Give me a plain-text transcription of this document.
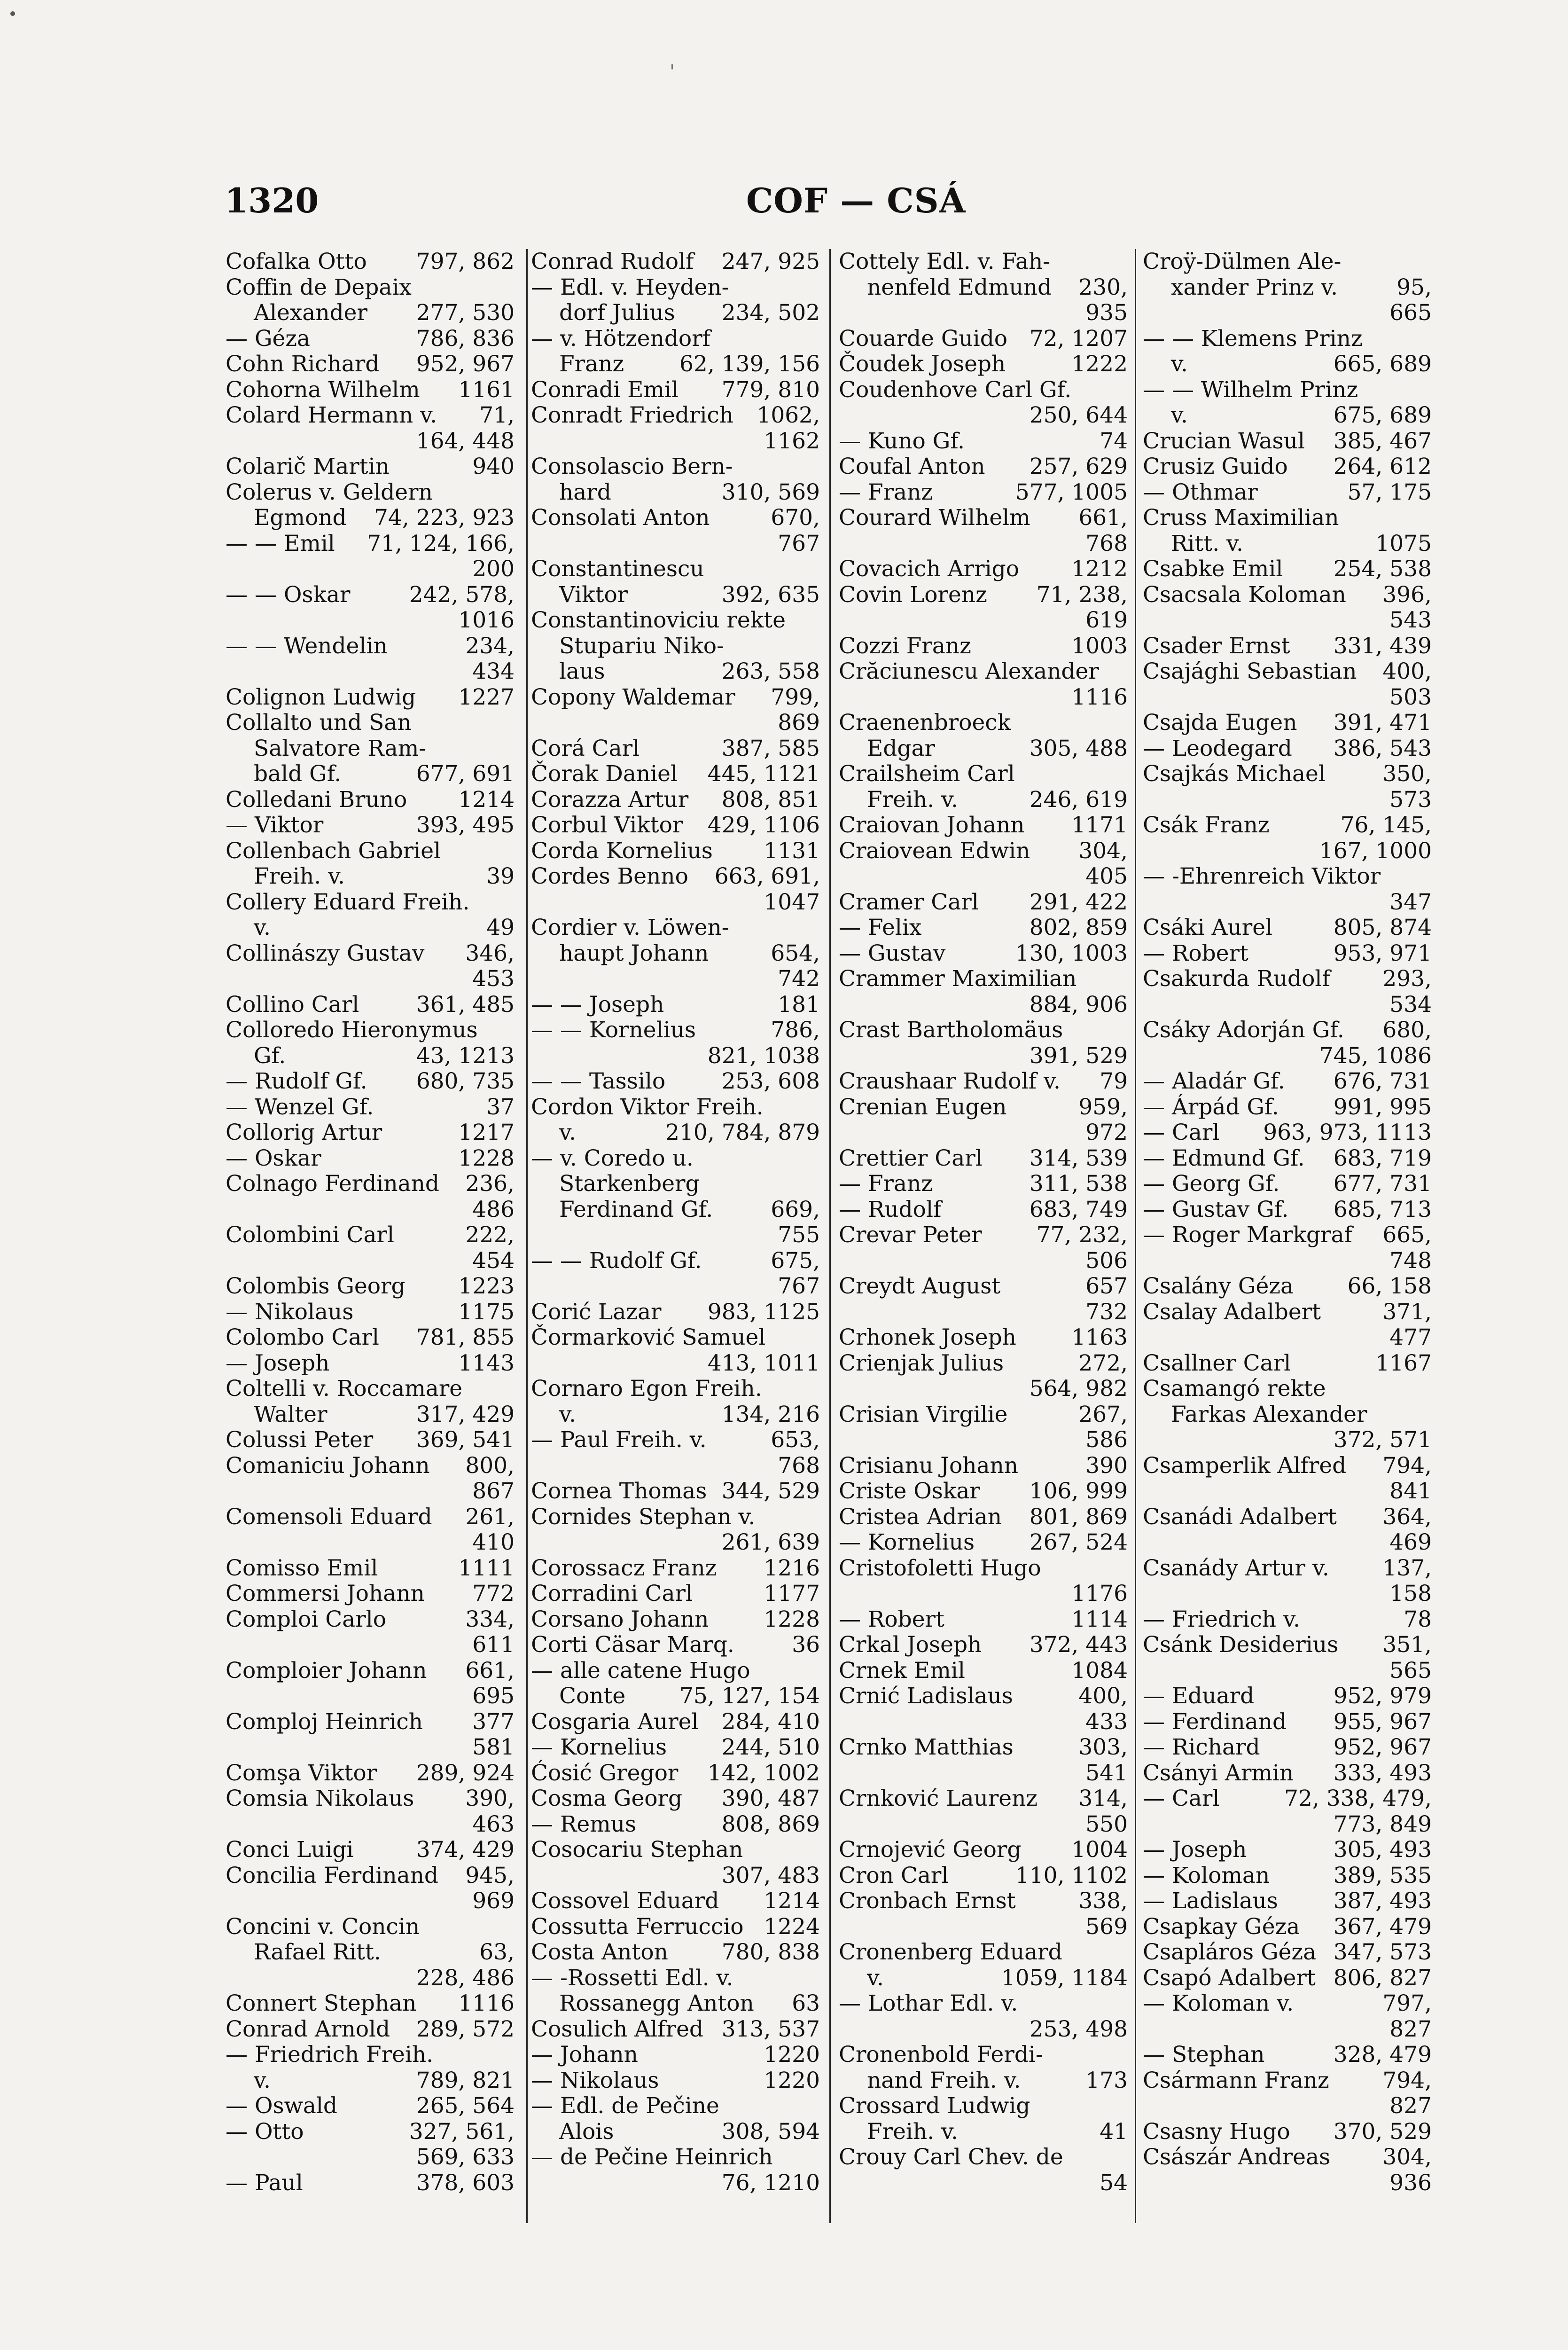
1320	COF — CSÁ
'
797, 862
Cofalka Otto
Coffin de Depaix
277, 530
Alexander
786, 836
— Géza
952, 967
Cohn Richard
1161
Cohorna Wilhelm
71,
Colard Hermann v.
164, 448
940
Colarič Martin
Colerus v. Geldern
74, 223, 923
Egmond
71, 124, 166,
— — Emil
200
242, 578,
— — Oskar
1016
234,
— — Wendelin
434
1227
Colignon Ludwig
Collalto und San
Salvatore Ram-
677, 691
bald Gf.
1214
Colledani Bruno
393, 495
— Viktor
Collenbach Gabriel
39
Freih. v.
Collery Eduard Freih.
49
v.
346,
Collinászy Gustav
453
361, 485
Collino Carl
Colloredo Hieronymus
43, 1213
Gf.
680, 735
— Rudolf Gf.
37
— Wenzel Gf.
1217
Collorig Artur
1228
— Oskar
236,
Colnago Ferdinand
486
222,
Colombini Carl
454
1223
Colombis Georg
1175
— Nikolaus
781, 855
Colombo Carl
1143
— Joseph
Coltelli v. Roccamare
317, 429
Walter
369, 541
Colussi Peter
800,
Comaniciu Johann
867
261,
Comensoli Eduard
410
1111
Comisso Emil
772
Commersi Johann
334,
Comploi Carlo
611
661,
Comploier Johann
695
377
Comploj Heinrich
581
289, 924
Comşa Viktor
390,
Comsia Nikolaus
463
374, 429
Conci Luigi
945,
Concilia Ferdinand
969
Concini v. Concin
63,
Rafael Ritt.
228, 486
1116
Connert Stephan
289, 572
Conrad Arnold
— Friedrich Freih.
789, 821
v.
265, 564
— Oswald
327, 561,
— Otto
569, 633
378, 603
— Paul
247, 925
Conrad Rudolf
— Edl. v. Heyden-
234, 502
dorf Julius
— v. Hötzendorf
62, 139, 156
Franz
779, 810
Conradi Emil
1062,
Conradt Friedrich
1162
Consolascio Bern-
310, 569
hard
670,
Consolati Anton
767
Constantinescu
392, 635
Viktor
Constantinoviciu rekte
Stupariu Niko-
263, 558
laus
799,
Copony Waldemar
869
387, 585
Corá Carl
445, 1121
Čorak Daniel
808, 851
Corazza Artur
429, 1106
Corbul Viktor
1131
Corda Kornelius
663, 691,
Cordes Benno
1047
Cordier v. Löwen-
654,
haupt Johann
742
181
— — Joseph
786,
— — Kornelius
821, 1038
253, 608
— — Tassilo
Cordon Viktor Freih.
210, 784, 879
v.
— v. Coredo u.
Starkenberg
669,
Ferdinand Gf.
755
675,
— — Rudolf Gf.
767
983, 1125
Corić Lazar
Čormarković Samuel
413, 1011
Cornaro Egon Freih.
134, 216
v.
653,
— Paul Freih. v.
768
344, 529
Cornea Thomas
Cornides Stephan v.
261, 639
1216
Corossacz Franz
1177
Corradini Carl
1228
Corsano Johann
36
Corti Cäsar Marq.
— alle catene Hugo
75, 127, 154
Conte
284, 410
Cosgaria Aurel
244, 510
— Kornelius
142, 1002
Ćosić Gregor
390, 487
Cosma Georg
808, 869
— Remus
Cosocariu Stephan
307, 483
1214
Cossovel Eduard
1224
Cossutta Ferruccio
780, 838
Costa Anton
— -Rossetti Edl. v.
63
Rossanegg Anton
313, 537
Cosulich Alfred
1220
— Johann
1220
— Nikolaus
— Edl. de Pečine
308, 594
Alois
— de Pečine Heinrich
76, 1210
Cottely Edl. v. Fah-
230,
nenfeld Edmund
935
72, 1207
Couarde Guido
1222
Čoudek Joseph
Coudenhove Carl Gf.
250, 644
74
— Kuno Gf.
257, 629
Coufal Anton
577, 1005
— Franz
661,
Courard Wilhelm
768
1212
Covacich Arrigo
71, 238,
Covin Lorenz
619
1003
Cozzi Franz
Crăciunescu Alexander
1116
Craenenbroeck
305, 488
Edgar
Crailsheim Carl
246, 619
Freih. v.
1171
Craiovan Johann
304,
Craiovean Edwin
405
291, 422
Cramer Carl
802, 859
— Felix
130, 1003
— Gustav
Crammer Maximilian
884, 906
Crast Bartholomäus
391, 529
79
Craushaar Rudolf v.
959,
Crenian Eugen
972
314, 539
Crettier Carl
311, 538
— Franz
683, 749
— Rudolf
77, 232,
Crevar Peter
506
657
Creydt August
732
1163
Crhonek Joseph
272,
Crienjak Julius
564, 982
267,
Crisian Virgilie
586
390
Crisianu Johann
106, 999
Criste Oskar
801, 869
Cristea Adrian
267, 524
— Kornelius
Cristofoletti Hugo
1176
1114
— Robert
372, 443
Crkal Joseph
1084
Crnek Emil
400,
Crnić Ladislaus
433
303,
Crnko Matthias
541
314,
Crnković Laurenz
550
1004
Crnojević Georg
110, 1102
Cron Carl
338,
Cronbach Ernst
569
Cronenberg Eduard
1059, 1184
v.
— Lothar Edl. v.
253, 498
Cronenbold Ferdi-
173
nand Freih. v.
Crossard Ludwig
41
Freih. v.
Crouy Carl Chev. de
54
Croÿ-Dülmen Ale-
95,
xander Prinz v.
665
— — Klemens Prinz
665, 689
v.
— — Wilhelm Prinz
675, 689
v.
385, 467
Crucian Wasul
264, 612
Crusiz Guido
57, 175
— Othmar
Cruss Maximilian
1075
Ritt. v.
254, 538
Csabke Emil
396,
Csacsala Koloman
543
331, 439
Csader Ernst
400,
Csajághi Sebastian
503
391, 471
Csajda Eugen
386, 543
— Leodegard
350,
Csajkás Michael
573
76, 145,
Csák Franz
167, 1000
— -Ehrenreich Viktor
347
805, 874
Csáki Aurel
953, 971
— Robert
293,
Csakurda Rudolf
534
680,
Csáky Adorján Gf.
745, 1086
676, 731
— Aladár Gf.
991, 995
— Árpád Gf.
963, 973, 1113
— Carl
683, 719
— Edmund Gf.
677, 731
— Georg Gf.
685, 713
— Gustav Gf.
665,
— Roger Markgraf
748
66, 158
Csalány Géza
371,
Csalay Adalbert
477
1167
Csallner Carl
Csamangó rekte
Farkas Alexander
372, 571
794,
Csamperlik Alfred
841
364,
Csanádi Adalbert
469
137,
Csanády Artur v.
158
78
— Friedrich v.
351,
Csánk Desiderius
565
952, 979
— Eduard
955, 967
— Ferdinand
952, 967
— Richard
333, 493
Csányi Armin
72, 338, 479,
— Carl
773, 849
305, 493
— Joseph
389, 535
— Koloman
387, 493
— Ladislaus
367, 479
Csapkay Géza
347, 573
Csapláros Géza
806, 827
Csapó Adalbert
797,
— Koloman v.
827
328, 479
— Stephan
794,
Csármann Franz
827
370, 529
Csasny Hugo
304,
Császár Andreas
936
